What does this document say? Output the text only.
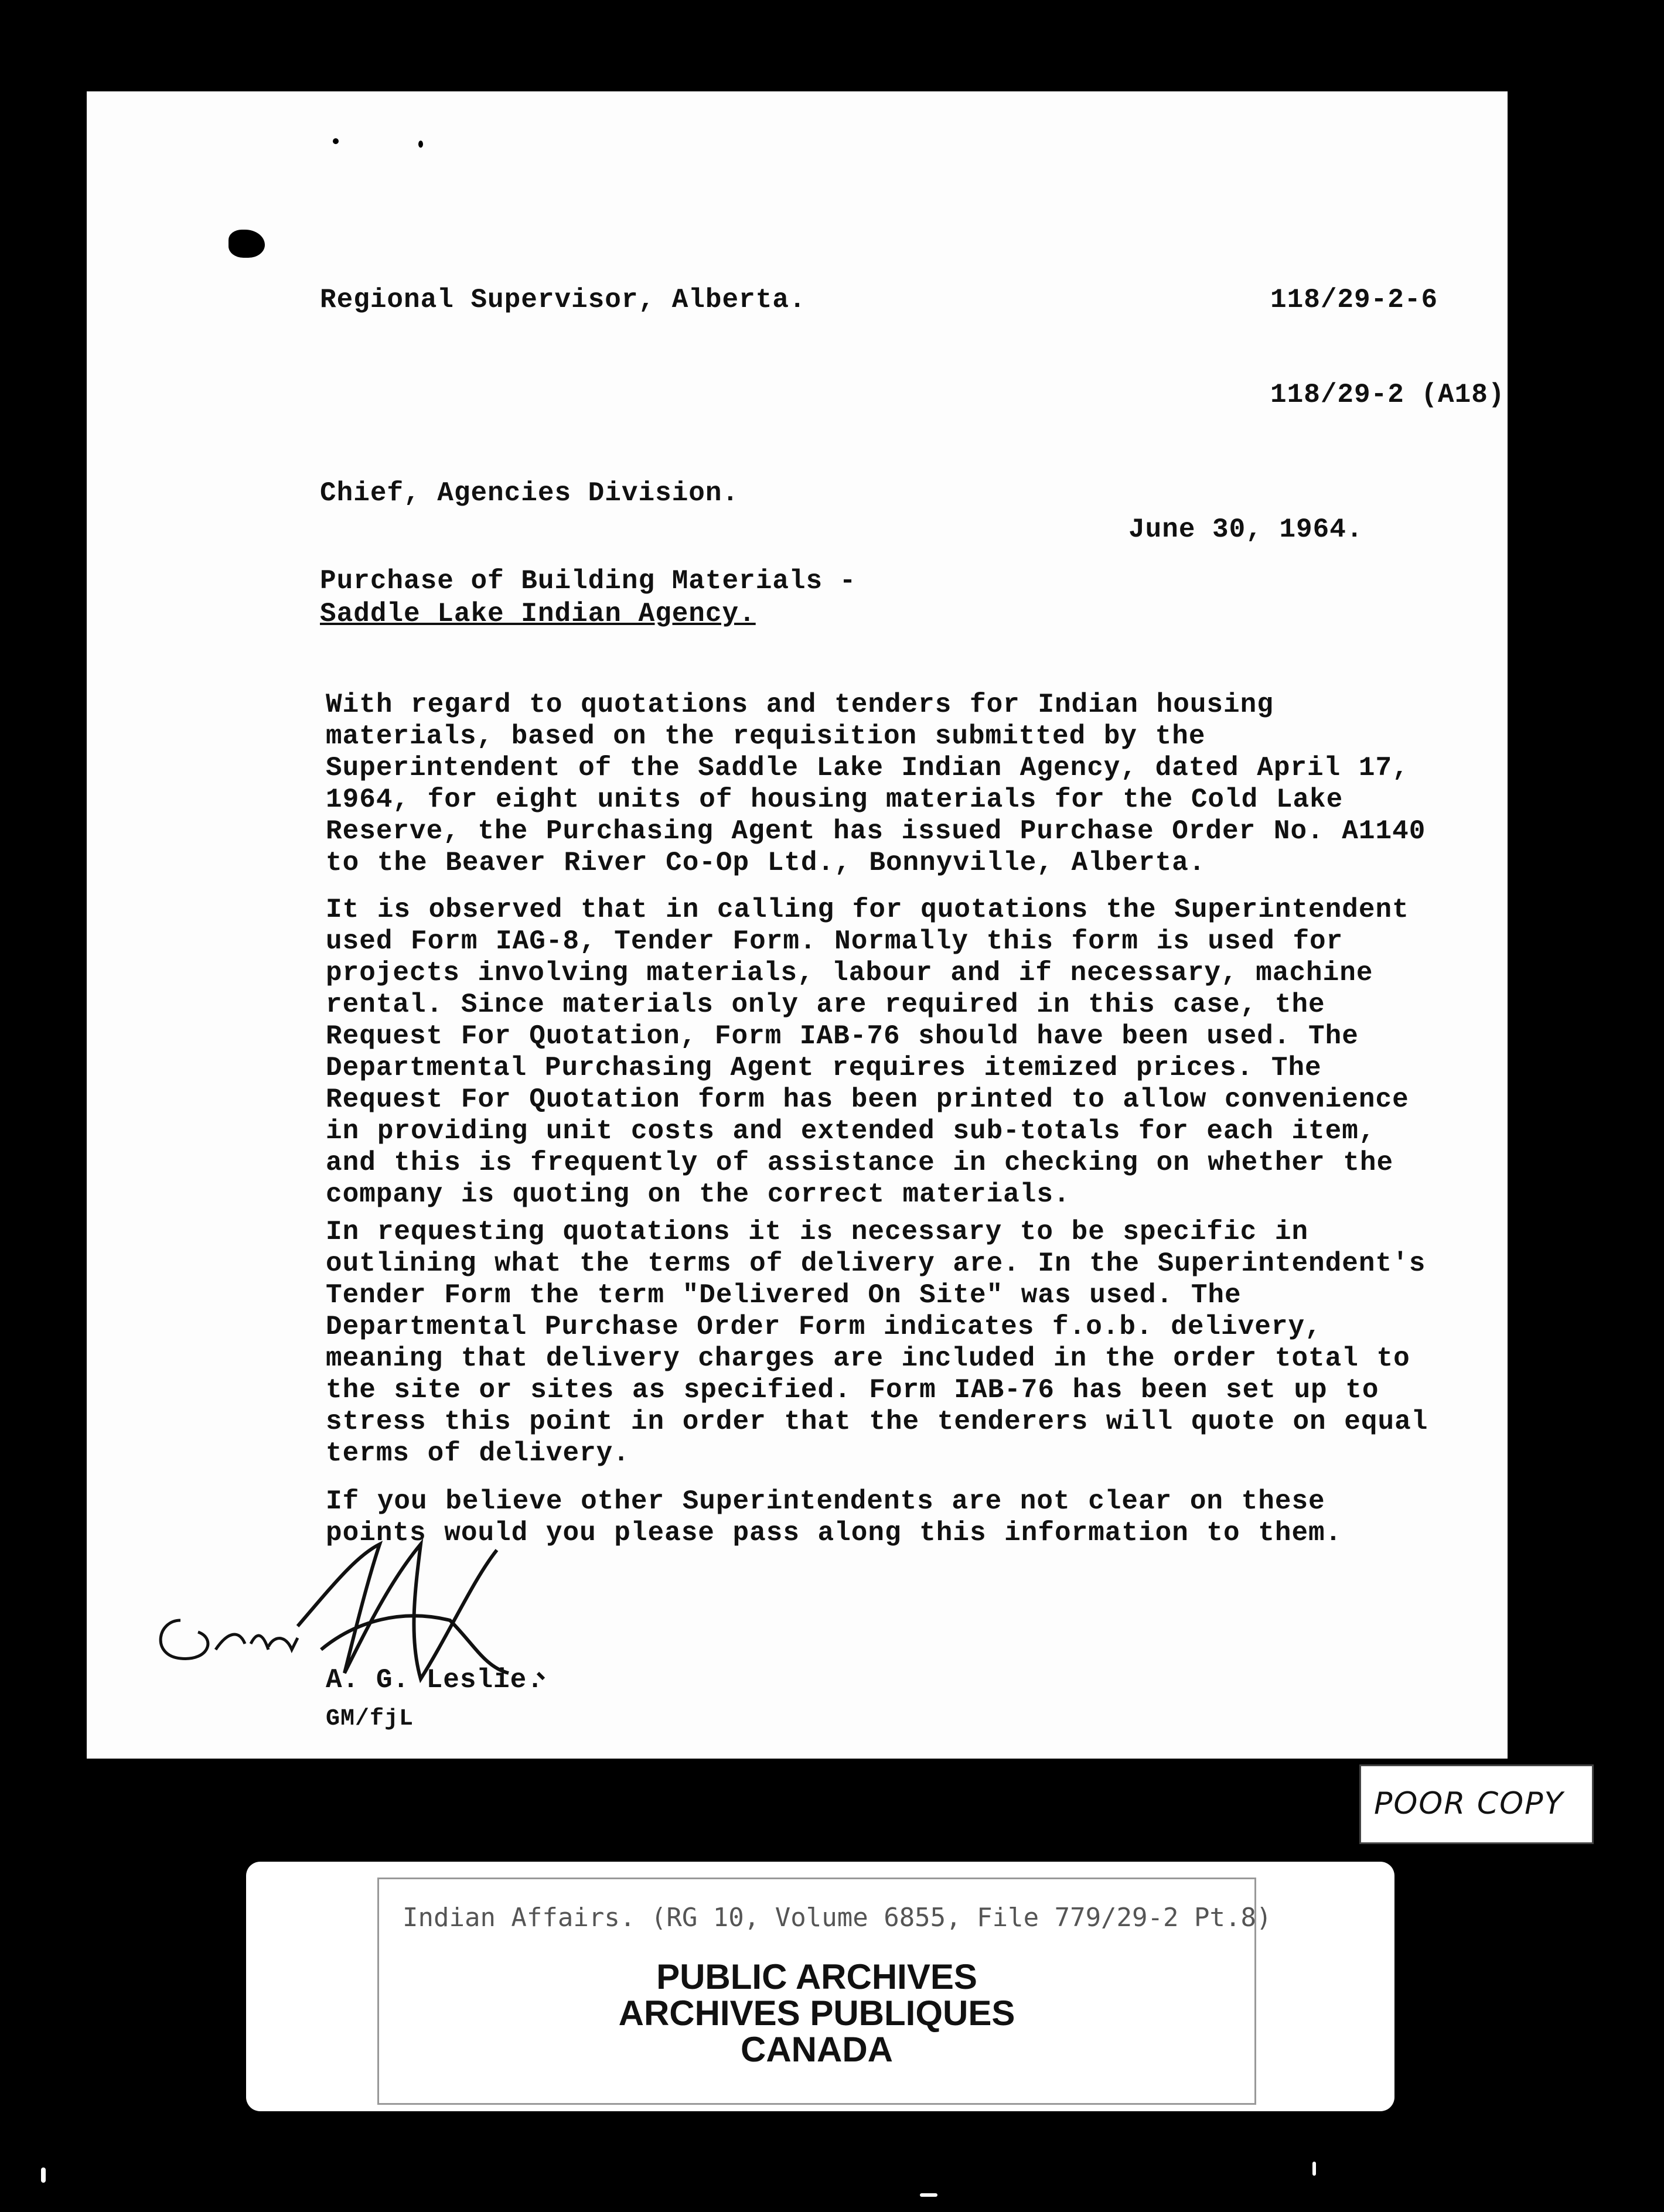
Regional Supervisor, Alberta.	118/29-2-6
118/29-2 (A18)
Chief, Agencies Division.
June 30, 1964.
Purchase of Building Materials -
Saddle Lake Indian Agency.
With regard to quotations and tenders for Indian housing materials, based on the requisition submitted by the Superintendent of the Saddle Lake Indian Agency, dated April 17, 1964, for eight units of housing materials for the Cold Lake Reserve, the Purchasing Agent has issued Purchase Order No. A1140 to the Beaver River Co-Op Ltd., Bonnyville, Alberta.
It is observed that in calling for quotations the Superintendent used Form IAG-8, Tender Form. Normally this form is used for projects involving materials, labour and if necessary, machine rental. Since materials only are required in this case, the Request For Quotation, Form IAB-76 should have been used. The Departmental Purchasing Agent requires itemized prices. The Request For Quotation form has been printed to allow convenience in providing unit costs and extended sub-totals for each item, and this is frequently of assistance in checking on whether the company is quoting on the correct materials.
In requesting quotations it is necessary to be specific in outlining what the terms of delivery are. In the Superintendent's Tender Form the term "Delivered On Site" was used. The Departmental Purchase Order Form indicates f.o.b. delivery, meaning that delivery charges are included in the order total to the site or sites as specified. Form IAB-76 has been set up to stress this point in order that the tenderers will quote on equal terms of delivery.
If you believe other Superintendents are not clear on these points would you please pass along this information to them.
A. G. Leslie.
GM/fjL
POOR COPY
Indian Affairs. (RG 10, Volume 6855, File 779/29-2 Pt.8)
PUBLIC ARCHIVES
ARCHIVES PUBLIQUES
CANADA
